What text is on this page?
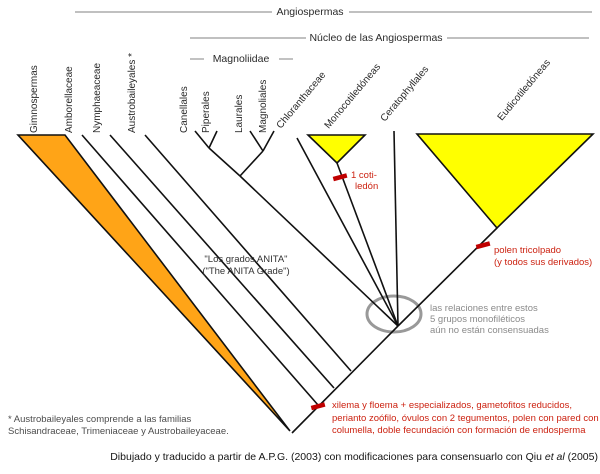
Angiospermas
Núcleo de las Angiospermas
Magnoliidae
Gimnospermas Amborellaceae Nymphaeaceae Austrobaileyales *	Canellales Piperales Laurales Magnoliales Chloranthaceae
Monocotiledóneas
Ceratophyllales	Eudicotiledóneas
"Los grados ANITA"
("The ANITA Grade")
1 coti-
ledón
polen tricolpado
(y todos sus derivados)
xilema y floema + especializados, gametofitos reducidos,
perianto zoófilo, óvulos con 2 tegumentos, polen con pared con
columella, doble fecundación con formación de endosperma
las relaciones entre estos
5 grupos monofiléticos
aún no están consensuadas
* Austrobaileyales comprende a las familias
Schisandraceae, Trimeniaceae y Austrobaileyaceae.
Dibujado y traducido a partir de A.P.G. (2003) con modificaciones para consensuarlo con Qiu et al (2005)
